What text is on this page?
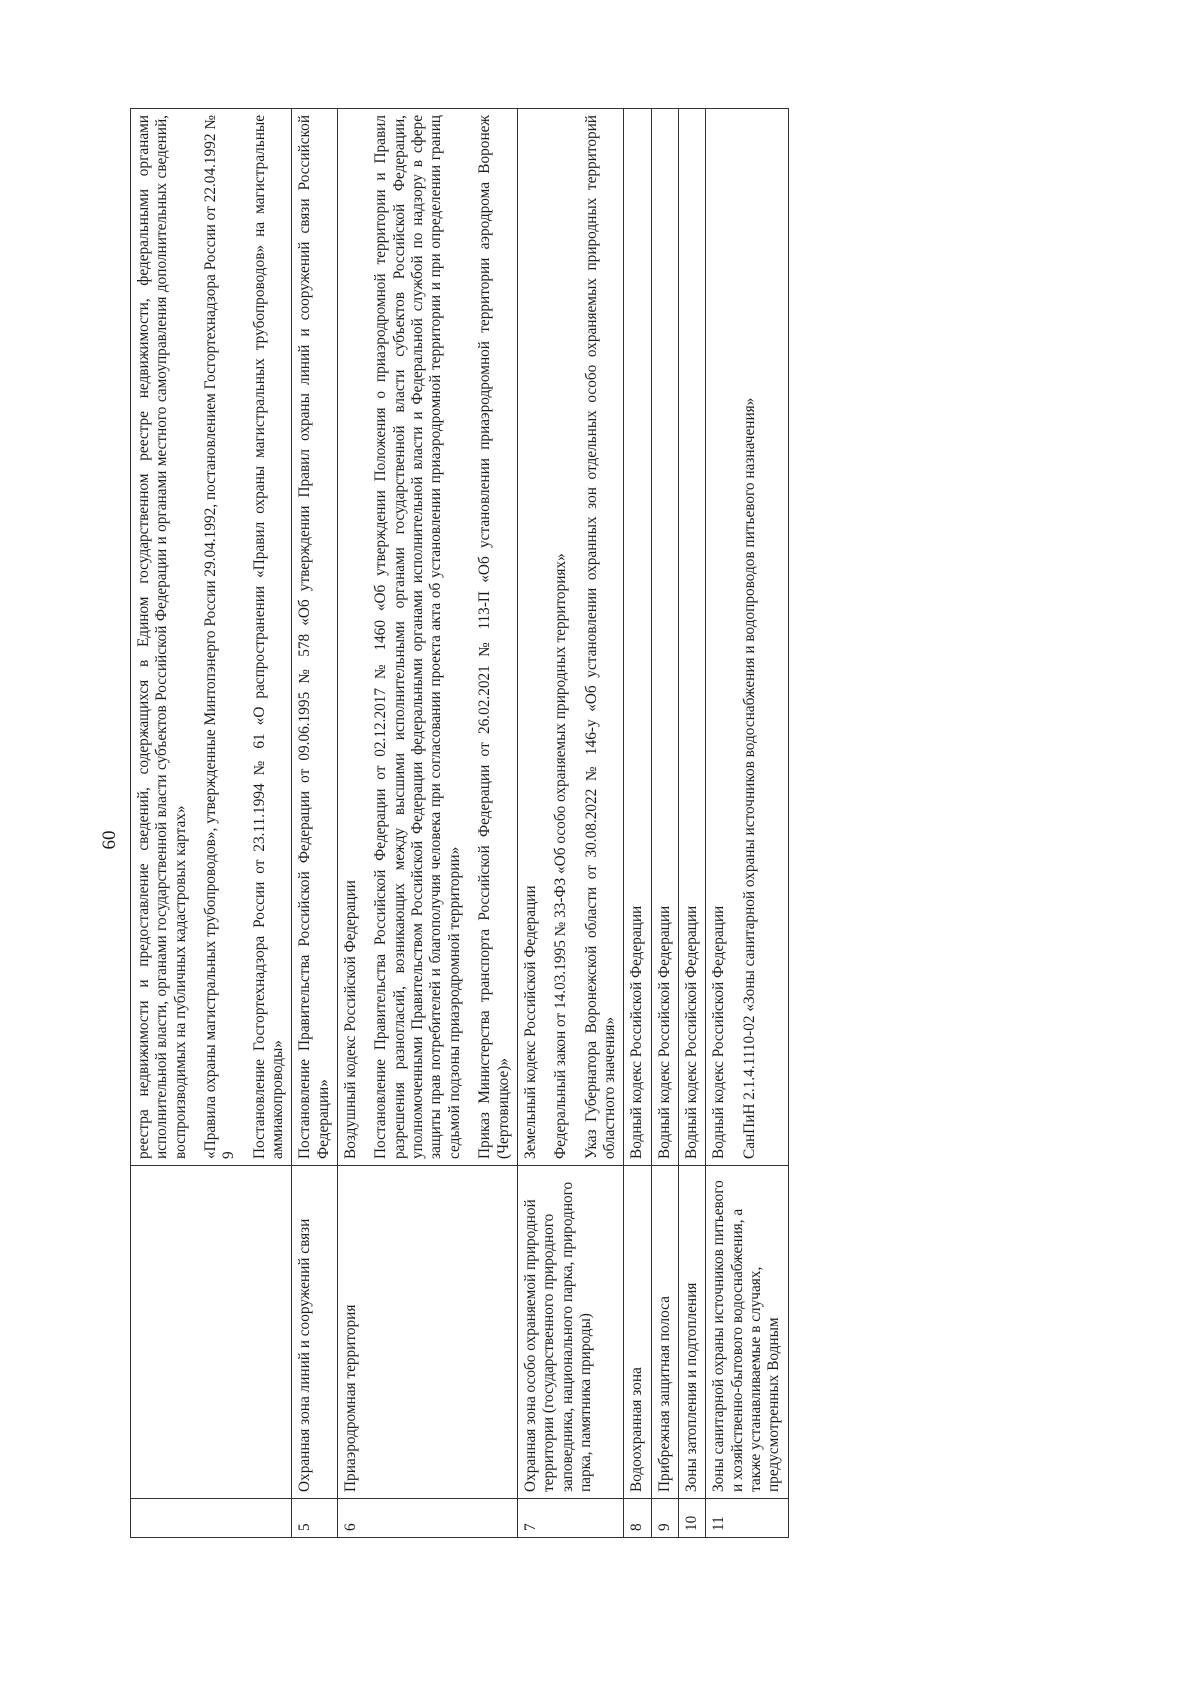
60

		реестра недвижимости и предоставление сведений, содержащихся в Едином государственном реестре недвижимости, федеральными органами исполнительной власти, органами государственной власти субъектов Российской Федерации и органами местного самоуправления дополнительных сведений, воспроизводимых на публичных кадастровых картах» «Правила охраны магистральных трубопроводов», утвержденные Минтопэнерго России 29.04.1992, постановлением Госгортехнадзора России от 22.04.1992 № 9 Постановление Госгортехнадзора России от 23.11.1994 № 61 «О распространении «Правил охраны магистральных трубопроводов» на магистральные аммиакопроводы»

5	Охранная зона линий и сооружений связи	Постановление Правительства Российской Федерации от 09.06.1995 № 578 «Об утверждении Правил охраны линий и сооружений связи Российской Федерации»

6	Приаэродромная территория	Воздушный кодекс Российской Федерации Постановление Правительства Российской Федерации от 02.12.2017 № 1460 «Об утверждении Положения о приаэродромной территории и Правил разрешения разногласий, возникающих между высшими исполнительными органами государственной власти субъектов Российской Федерации, уполномоченными Правительством Российской Федерации федеральными органами исполнительной власти и Федеральной службой по надзору в сфере защиты прав потребителей и благополучия человека при согласовании проекта акта об установлении приаэродромной территории и при определении границ седьмой подзоны приаэродромной территории» Приказ Министерства транспорта Российской Федерации от 26.02.2021 № 113-П «Об установлении приаэродромной территории аэродрома Воронеж (Чертовицкое)»

7	Охранная зона особо охраняемой природной территории (государственного природного заповедника, национального парка, природного парка, памятника природы)	Земельный кодекс Российской Федерации Федеральный закон от 14.03.1995 № 33-ФЗ «Об особо охраняемых природных территориях» Указ Губернатора Воронежской области от 30.08.2022 № 146-у «Об установлении охранных зон отдельных особо охраняемых природных территорий областного значения»

8	Водоохранная зона	Водный кодекс Российской Федерации

9	Прибрежная защитная полоса	Водный кодекс Российской Федерации

10	Зоны затопления и подтопления	Водный кодекс Российской Федерации

11	Зоны санитарной охраны источников питьевого и хозяйственно-бытового водоснабжения, а также устанавливаемые в случаях, предусмотренных Водным	Водный кодекс Российской Федерации СанПиН 2.1.4.1110-02 «Зоны санитарной охраны источников водоснабжения и водопроводов питьевого назначения»
